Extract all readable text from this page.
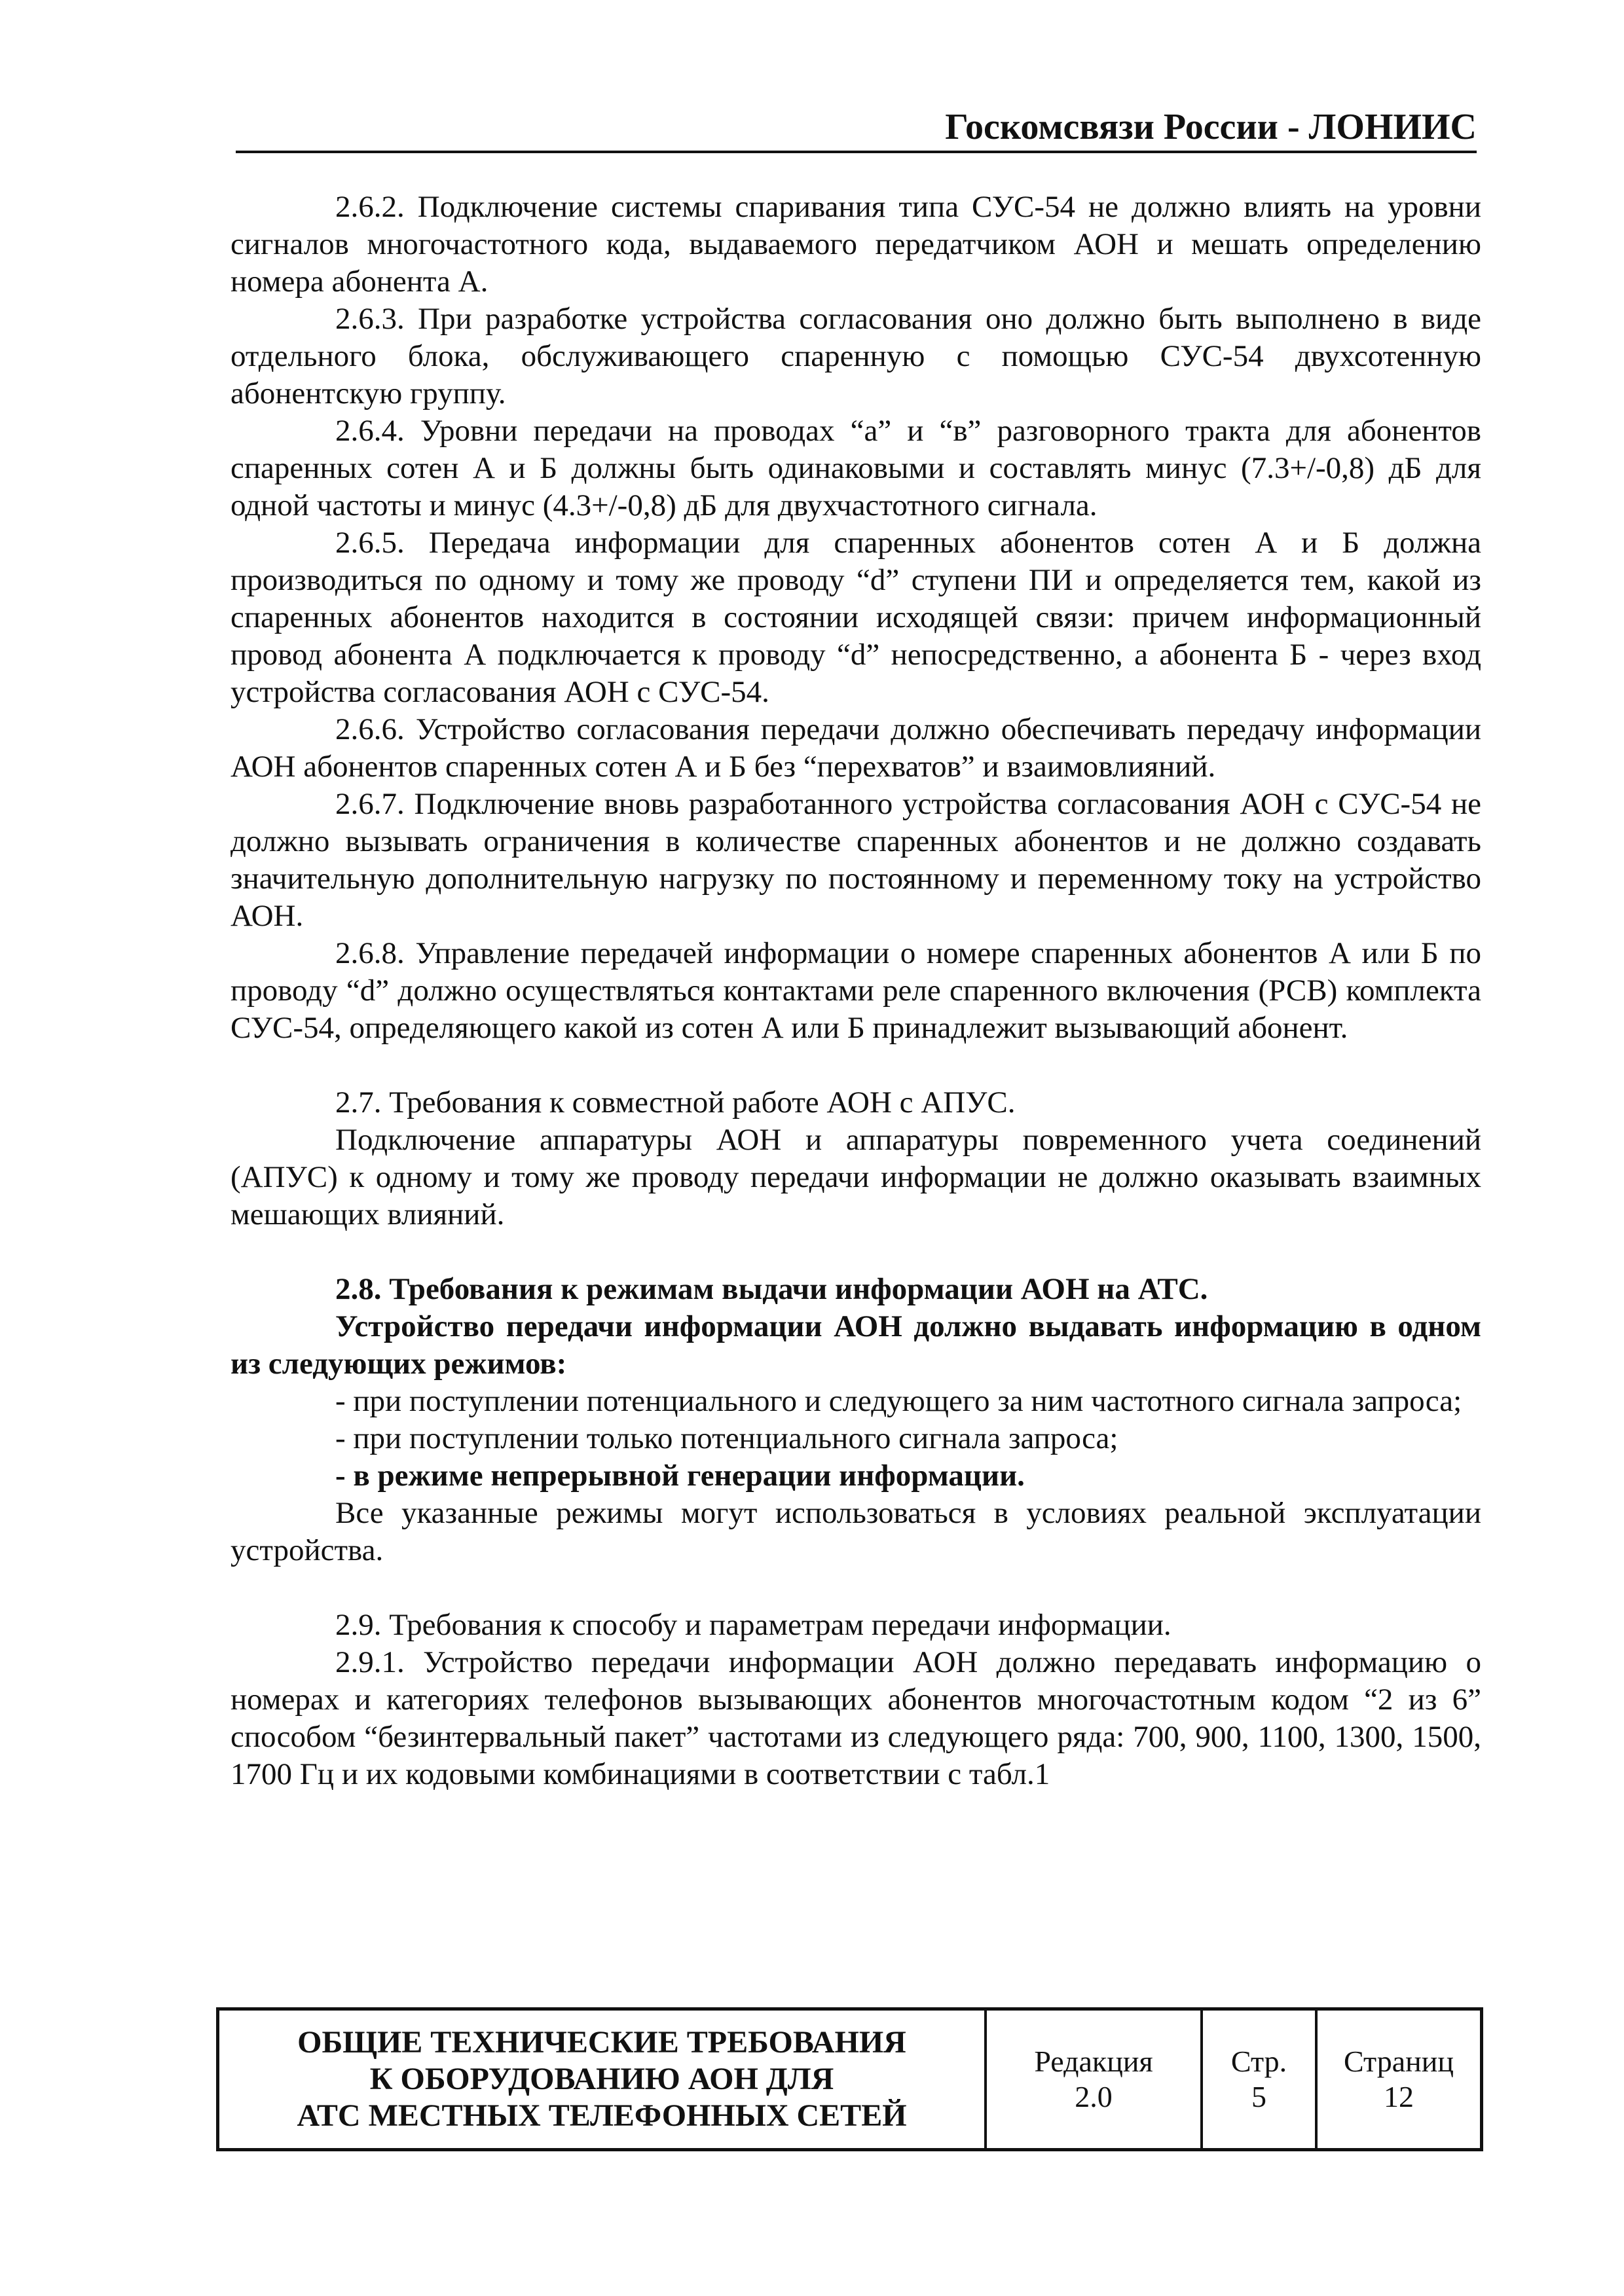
Госкомсвязи России - ЛОНИИС

2.6.2. Подключение системы спаривания типа СУС-54 не должно влиять на уровни сигналов многочастотного кода, выдаваемого передатчиком АОН и мешать определению номера абонента А.

2.6.3. При разработке устройства согласования оно должно быть выполнено в виде отдельного блока, обслуживающего спаренную с помощью СУС-54 двухсотенную абонентскую группу.

2.6.4. Уровни передачи на проводах “а” и “в” разговорного тракта для абонентов спаренных сотен А и Б должны быть одинаковыми и составлять минус (7.3+/-0,8) дБ для одной частоты и минус (4.3+/-0,8) дБ для двухчастотного сигнала.

2.6.5. Передача информации для спаренных абонентов сотен А и Б должна производиться по одному и тому же проводу “d” ступени ПИ и определяется тем, какой из спаренных абонентов находится в состоянии исходящей связи: причем информационный провод абонента А подключается к проводу “d” непосредственно, а абонента Б - через вход устройства согласования АОН с СУС-54.

2.6.6. Устройство согласования передачи должно обеспечивать передачу информации АОН абонентов спаренных сотен А и Б без “перехватов” и взаимовлияний.

2.6.7. Подключение вновь разработанного устройства согласования АОН с СУС-54 не должно вызывать ограничения в количестве спаренных абонентов и не должно создавать значительную дополнительную нагрузку по постоянному и переменному току на устройство АОН.

2.6.8. Управление передачей информации о номере спаренных абонентов А или Б по проводу “d” должно осуществляться контактами реле спаренного включения (РСВ) комплекта СУС-54, определяющего какой из сотен А или Б принадлежит вызывающий абонент.

2.7. Требования к совместной работе АОН с АПУС.

Подключение аппаратуры АОН и аппаратуры повременного учета соединений (АПУС) к одному и тому же проводу передачи информации не должно оказывать взаимных мешающих влияний.

2.8. Требования к режимам выдачи информации АОН на АТС.

Устройство передачи информации АОН должно выдавать информацию в одном из следующих режимов:

- при поступлении потенциального и следующего за ним частотного сигнала запроса;

- при поступлении только потенциального сигнала запроса;

- в режиме непрерывной генерации информации.

Все указанные режимы могут использоваться в условиях реальной эксплуатации устройства.

2.9. Требования к способу и параметрам передачи информации.

2.9.1. Устройство передачи информации АОН должно передавать информацию о номерах и категориях телефонов вызывающих абонентов многочастотным кодом “2 из 6” способом “безинтервальный пакет” частотами из следующего ряда: 700, 900, 1100, 1300, 1500, 1700 Гц и их кодовыми комбинациями в соответствии с табл.1

ОБЩИЕ ТЕХНИЧЕСКИЕ ТРЕБОВАНИЯ
К ОБОРУДОВАНИЮ АОН ДЛЯ
АТС МЕСТНЫХ ТЕЛЕФОННЫХ СЕТЕЙ

Редакция
2.0

Стр.
5

Страниц
12
